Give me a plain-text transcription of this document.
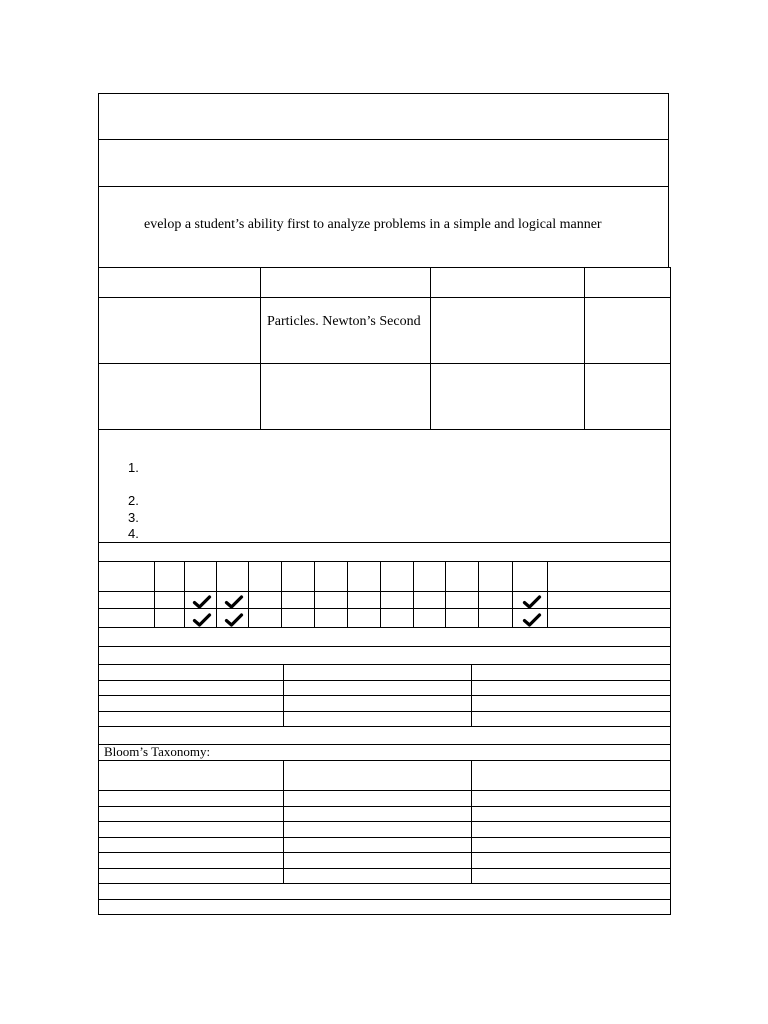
evelop a student’s ability first to analyze problems in a simple and logical manner
Particles. Newton’s Second
1.
2.
3.
4.
Bloom’s Taxonomy:
